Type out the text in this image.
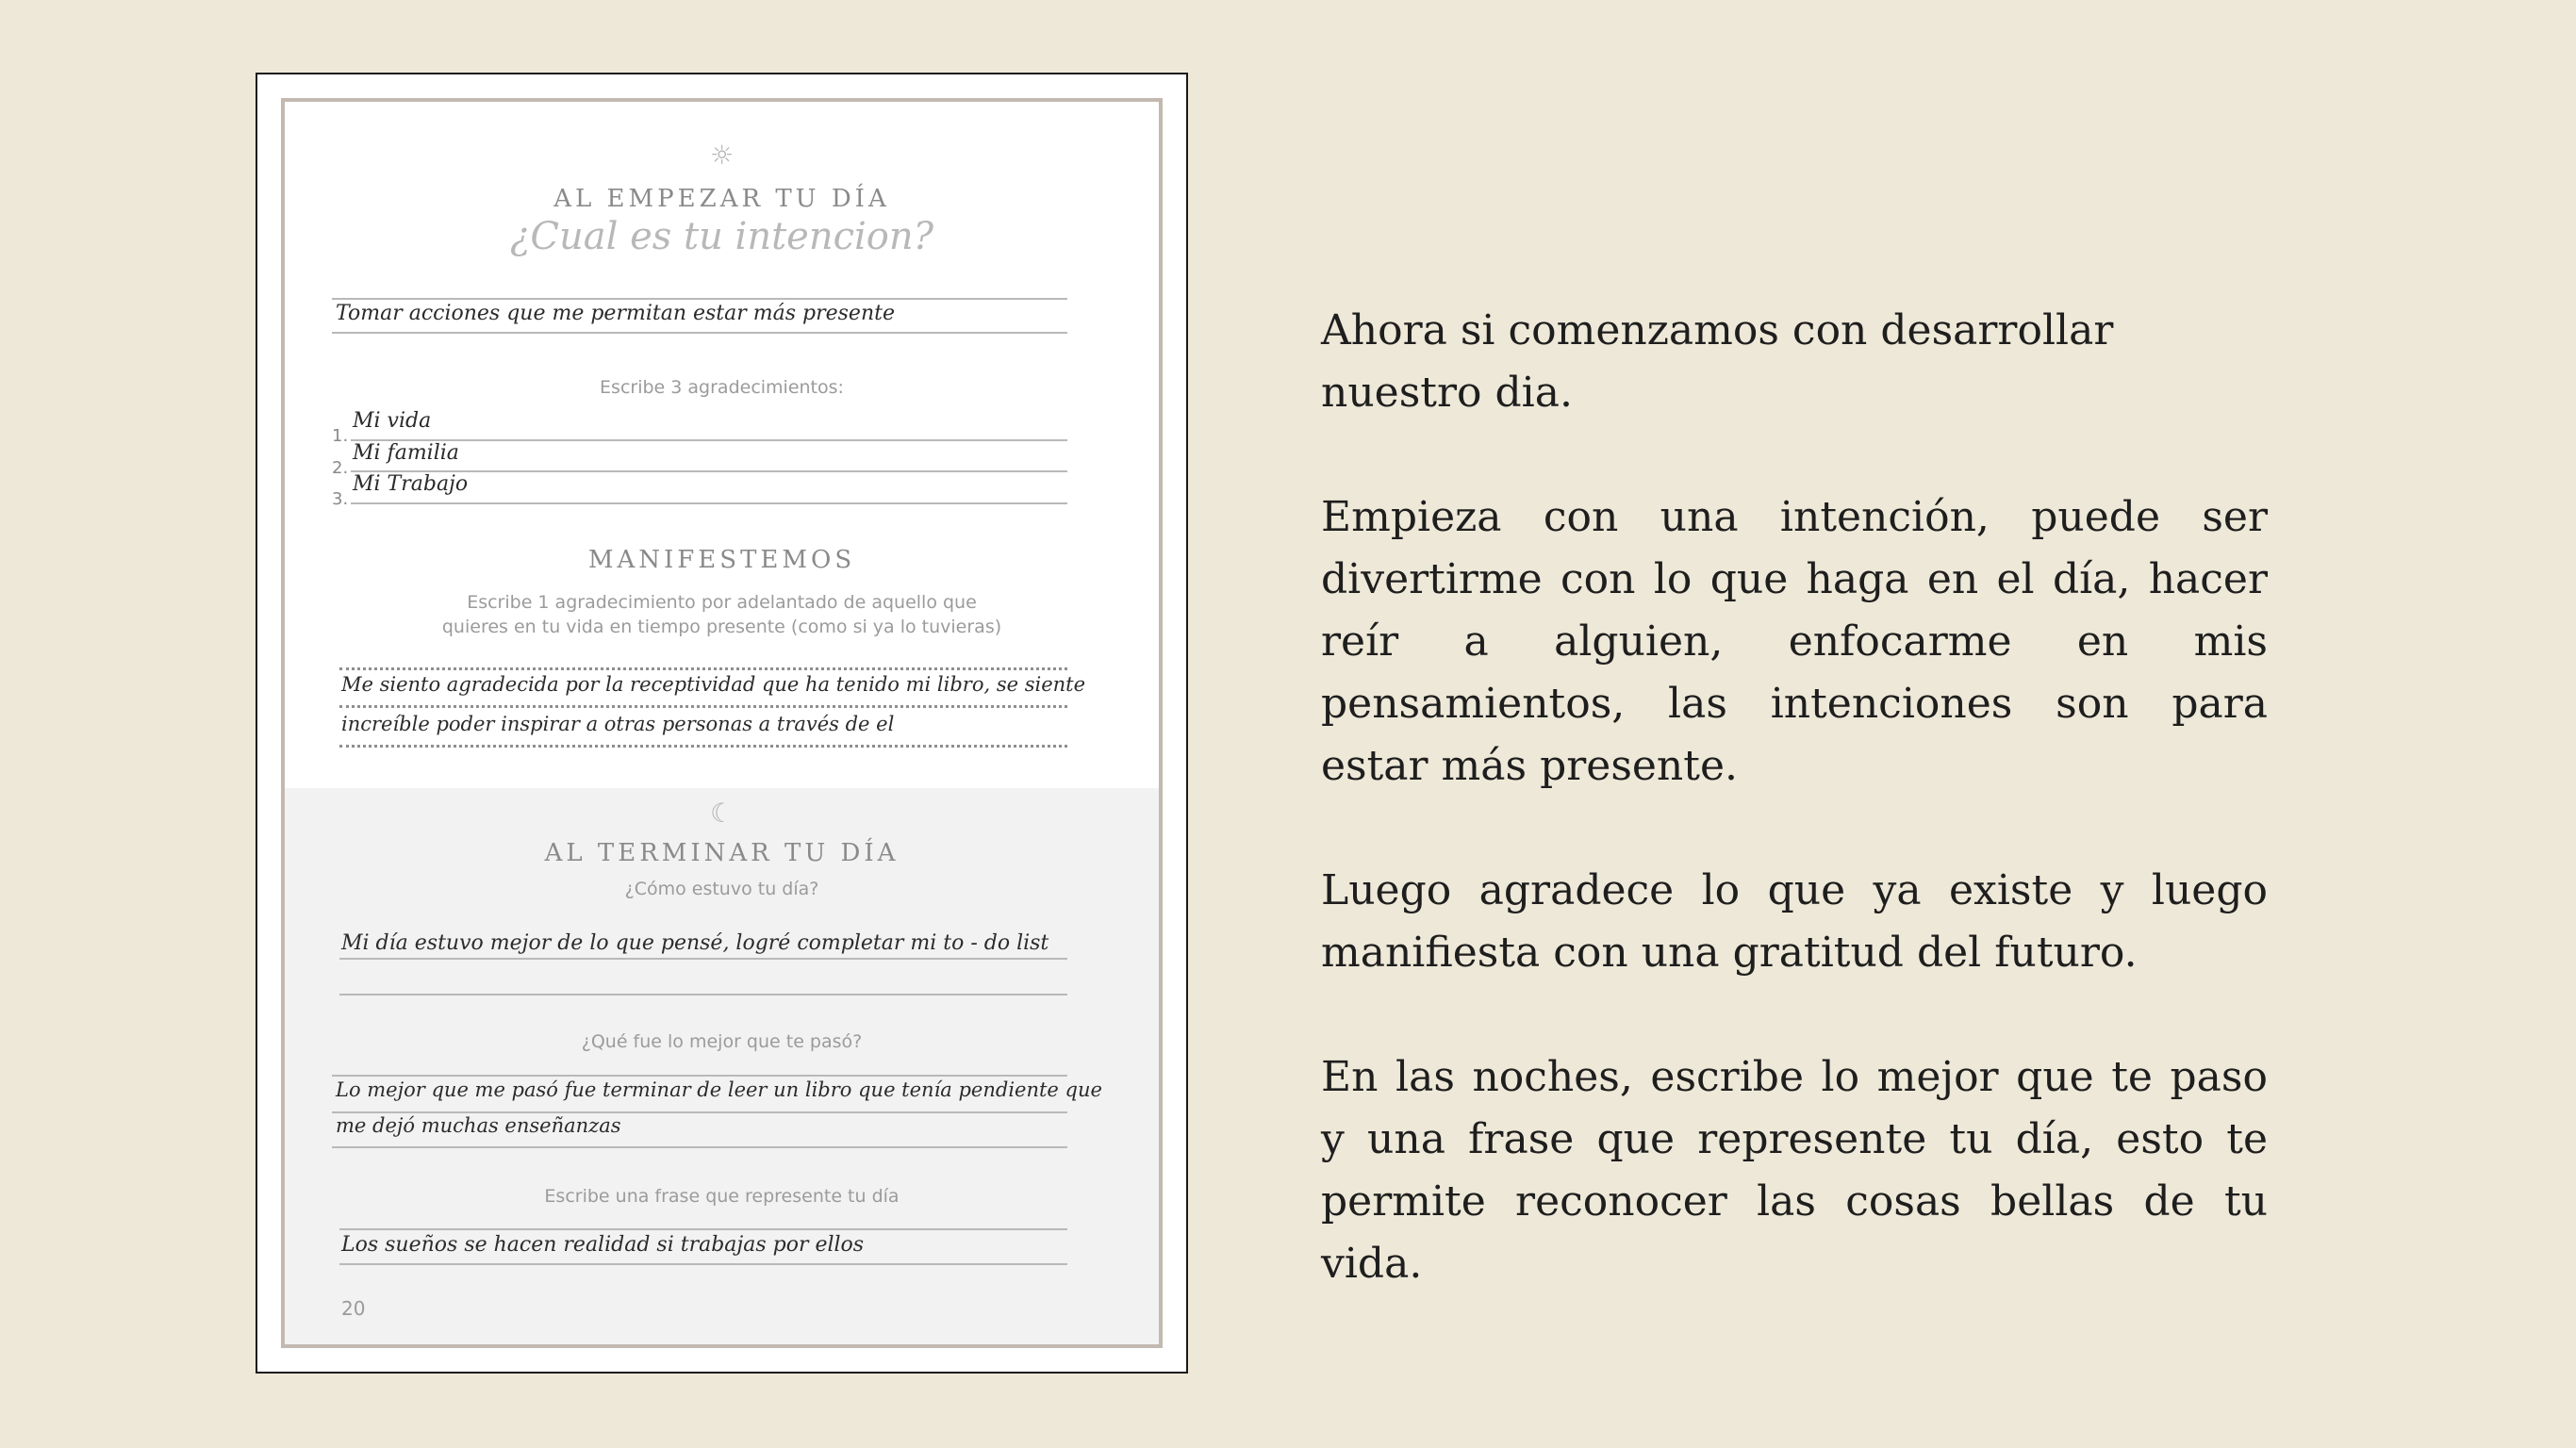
☼
AL EMPEZAR TU DÍA
¿Cual es tu intencion?
Tomar acciones que me permitan estar más presente
Escribe 3 agradecimientos:
1.
Mi vida
2.
Mi familia
3.
Mi Trabajo
MANIFESTEMOS
Escribe 1 agradecimiento por adelantado de aquello que
quieres en tu vida en tiempo presente (como si ya lo tuvieras)
Me siento agradecida por la receptividad que ha tenido mi libro, se siente
increíble poder inspirar a otras personas a través de el
☾
AL TERMINAR TU DÍA
¿Cómo estuvo tu día?
Mi día estuvo mejor de lo que pensé, logré completar mi to - do list
¿Qué fue lo mejor que te pasó?
Lo mejor que me pasó fue terminar de leer un libro que tenía pendiente que
me dejó muchas enseñanzas
Escribe una frase que represente tu día
Los sueños se hacen realidad si trabajas por ellos
20

Ahora si comenzamos con desarrollar nuestro dia.

Empieza con una intención, puede ser divertirme con lo que haga en el día, hacer reír a alguien, enfocarme en mis pensamientos, las intenciones son para estar más presente.

Luego agradece lo que ya existe y luego manifiesta con una gratitud del futuro.

En las noches, escribe lo mejor que te paso y una frase que represente tu día, esto te permite reconocer las cosas bellas de tu vida.
